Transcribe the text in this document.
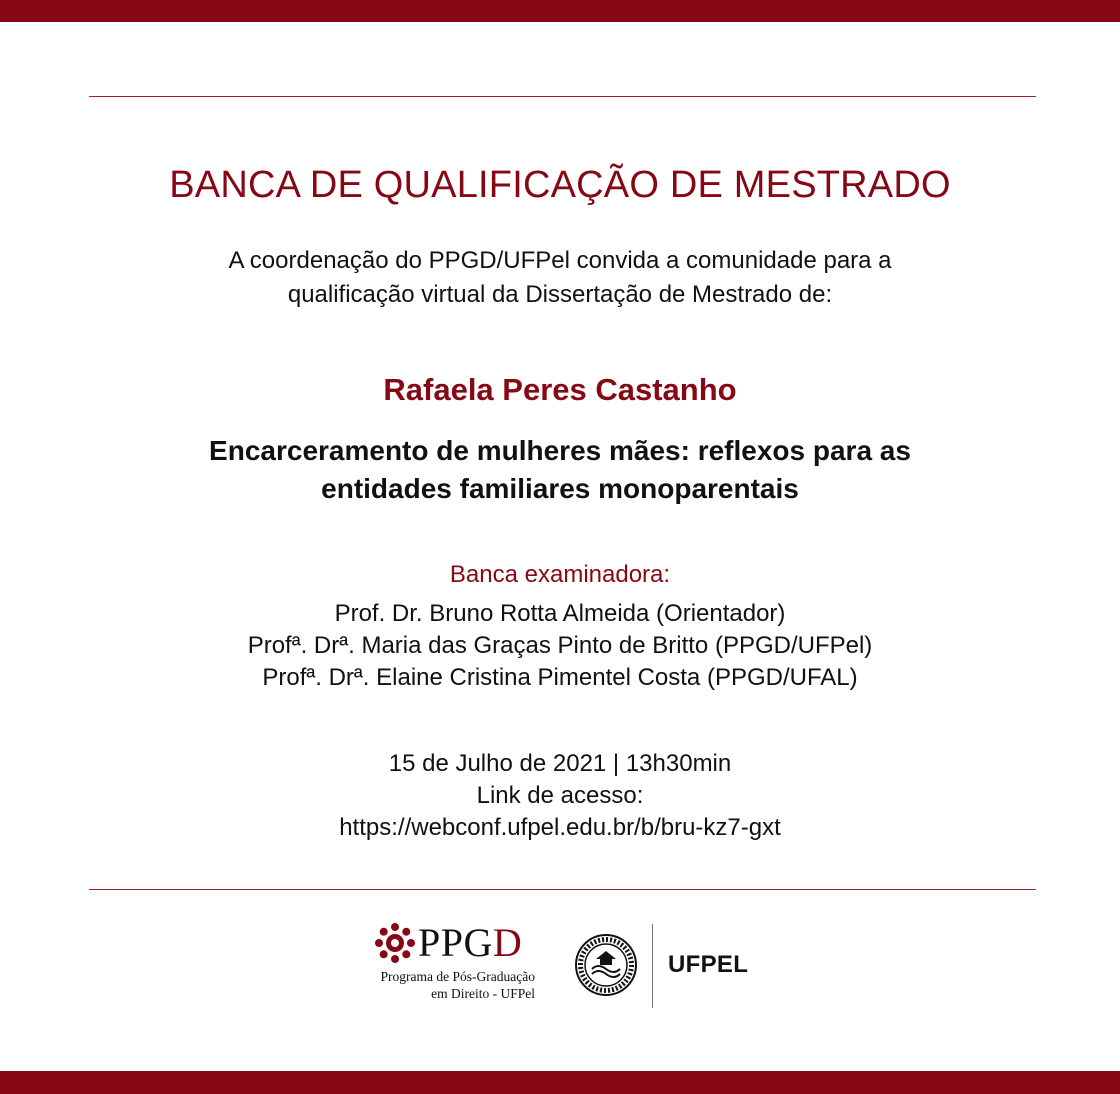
BANCA DE QUALIFICAÇÃO DE MESTRADO
A coordenação do PPGD/UFPel convida a comunidade para a
qualificação virtual da Dissertação de Mestrado de:
Rafaela Peres Castanho
Encarceramento de mulheres mães: reflexos para as
entidades familiares monoparentais
Banca examinadora:
Prof. Dr. Bruno Rotta Almeida (Orientador)
Profª. Drª. Maria das Graças Pinto de Britto (PPGD/UFPel)
Profª. Drª. Elaine Cristina Pimentel Costa (PPGD/UFAL)
15 de Julho de 2021 | 13h30min
Link de acesso:
https://webconf.ufpel.edu.br/b/bru-kz7-gxt
PPGD
Programa de Pós-Graduação
em Direito - UFPel
UFPEL
